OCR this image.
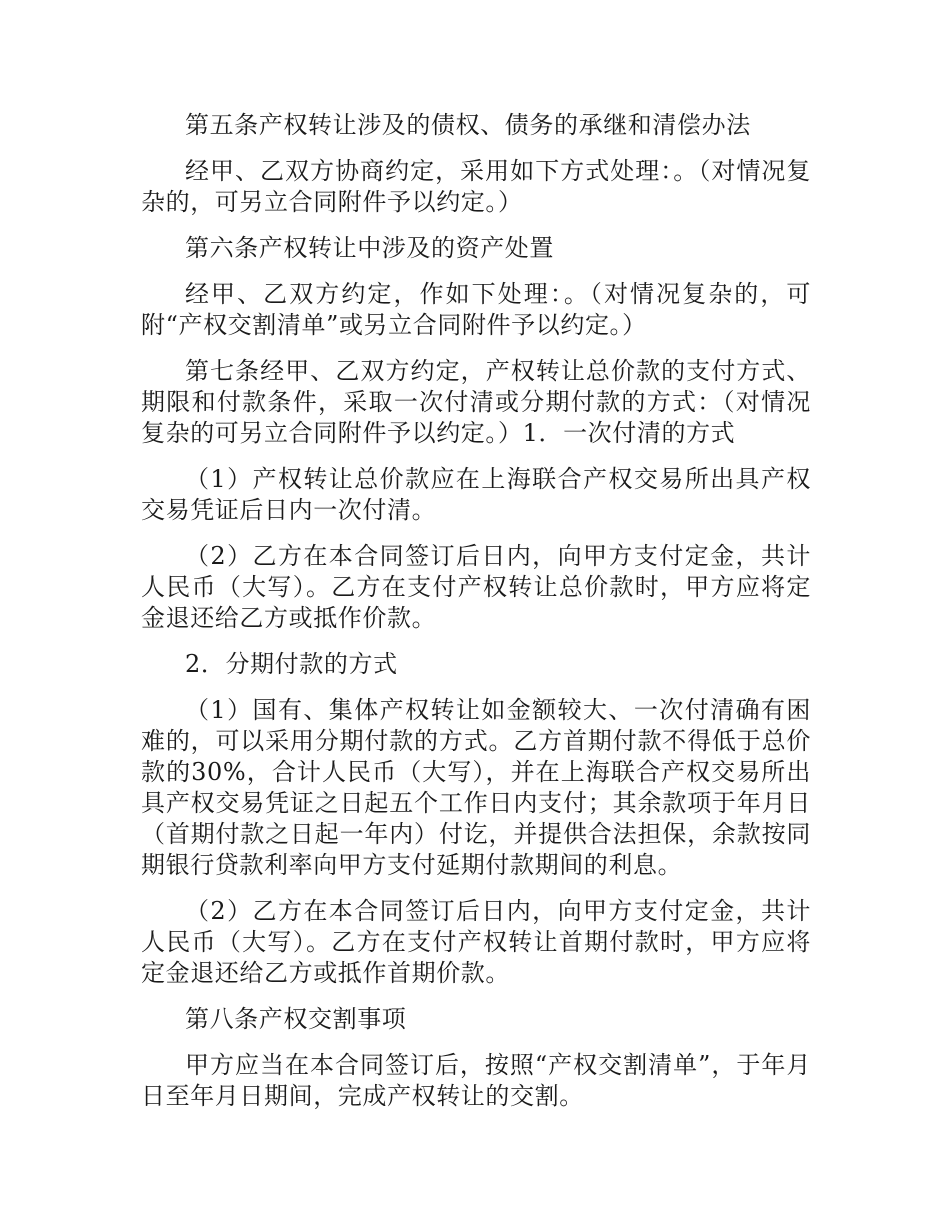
第五条产权转让涉及的债权、债务的承继和清偿办法

经甲、乙双方协商约定，采用如下方式处理：。（对情况复杂的，可另立合同附件予以约定。）

第六条产权转让中涉及的资产处置

经甲、乙双方约定，作如下处理：。（对情况复杂的，可附“产权交割清单”或另立合同附件予以约定。）

第七条经甲、乙双方约定，产权转让总价款的支付方式、期限和付款条件，采取一次付清或分期付款的方式：（对情况复杂的可另立合同附件予以约定。）1．一次付清的方式

（1）产权转让总价款应在上海联合产权交易所出具产权交易凭证后日内一次付清。

（2）乙方在本合同签订后日内，向甲方支付定金，共计人民币（大写）。乙方在支付产权转让总价款时，甲方应将定金退还给乙方或抵作价款。

2．分期付款的方式

（1）国有、集体产权转让如金额较大、一次付清确有困难的，可以采用分期付款的方式。乙方首期付款不得低于总价款的30%，合计人民币（大写），并在上海联合产权交易所出具产权交易凭证之日起五个工作日内支付；其余款项于年月日（首期付款之日起一年内）付讫，并提供合法担保，余款按同期银行贷款利率向甲方支付延期付款期间的利息。

（2）乙方在本合同签订后日内，向甲方支付定金，共计人民币（大写）。乙方在支付产权转让首期付款时，甲方应将定金退还给乙方或抵作首期价款。

第八条产权交割事项

甲方应当在本合同签订后，按照“产权交割清单”，于年月日至年月日期间，完成产权转让的交割。
